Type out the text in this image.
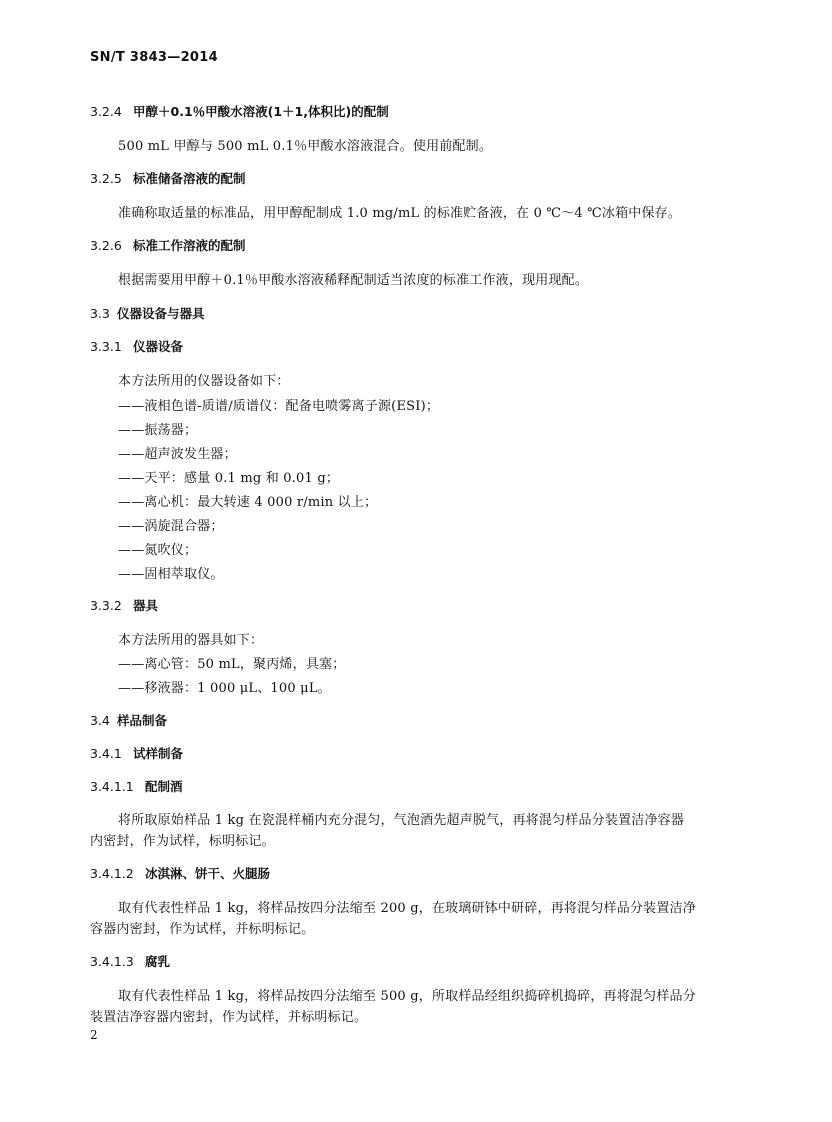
SN/T 3843—2014
3.2.4 甲醇＋0.1％甲酸水溶液(1＋1,体积比)的配制
500 mL 甲醇与 500 mL 0.1％甲酸水溶液混合。使用前配制。
3.2.5 标准储备溶液的配制
准确称取适量的标准品，用甲醇配制成 1.0 mg/mL 的标准贮备液，在 0 ℃～4 ℃冰箱中保存。
3.2.6 标准工作溶液的配制
根据需要用甲醇＋0.1％甲酸水溶液稀释配制适当浓度的标准工作液，现用现配。
3.3 仪器设备与器具
3.3.1 仪器设备
本方法所用的仪器设备如下：
——液相色谱-质谱/质谱仪：配备电喷雾离子源(ESI)；
——振荡器；
——超声波发生器；
——天平：感量 0.1 mg 和 0.01 g；
——离心机：最大转速 4 000 r/min 以上；
——涡旋混合器；
——氮吹仪；
——固相萃取仪。
3.3.2 器具
本方法所用的器具如下：
——离心管：50 mL，聚丙烯，具塞；
——移液器：1 000 μL、100 μL。
3.4 样品制备
3.4.1 试样制备
3.4.1.1 配制酒
将所取原始样品 1 kg 在瓷混样桶内充分混匀，气泡酒先超声脱气，再将混匀样品分装置洁净容器
内密封，作为试样，标明标记。
3.4.1.2 冰淇淋、饼干、火腿肠
取有代表性样品 1 kg，将样品按四分法缩至 200 g，在玻璃研钵中研碎，再将混匀样品分装置洁净
容器内密封，作为试样，并标明标记。
3.4.1.3 腐乳
取有代表性样品 1 kg，将样品按四分法缩至 500 g，所取样品经组织捣碎机捣碎，再将混匀样品分
装置洁净容器内密封，作为试样，并标明标记。
2
